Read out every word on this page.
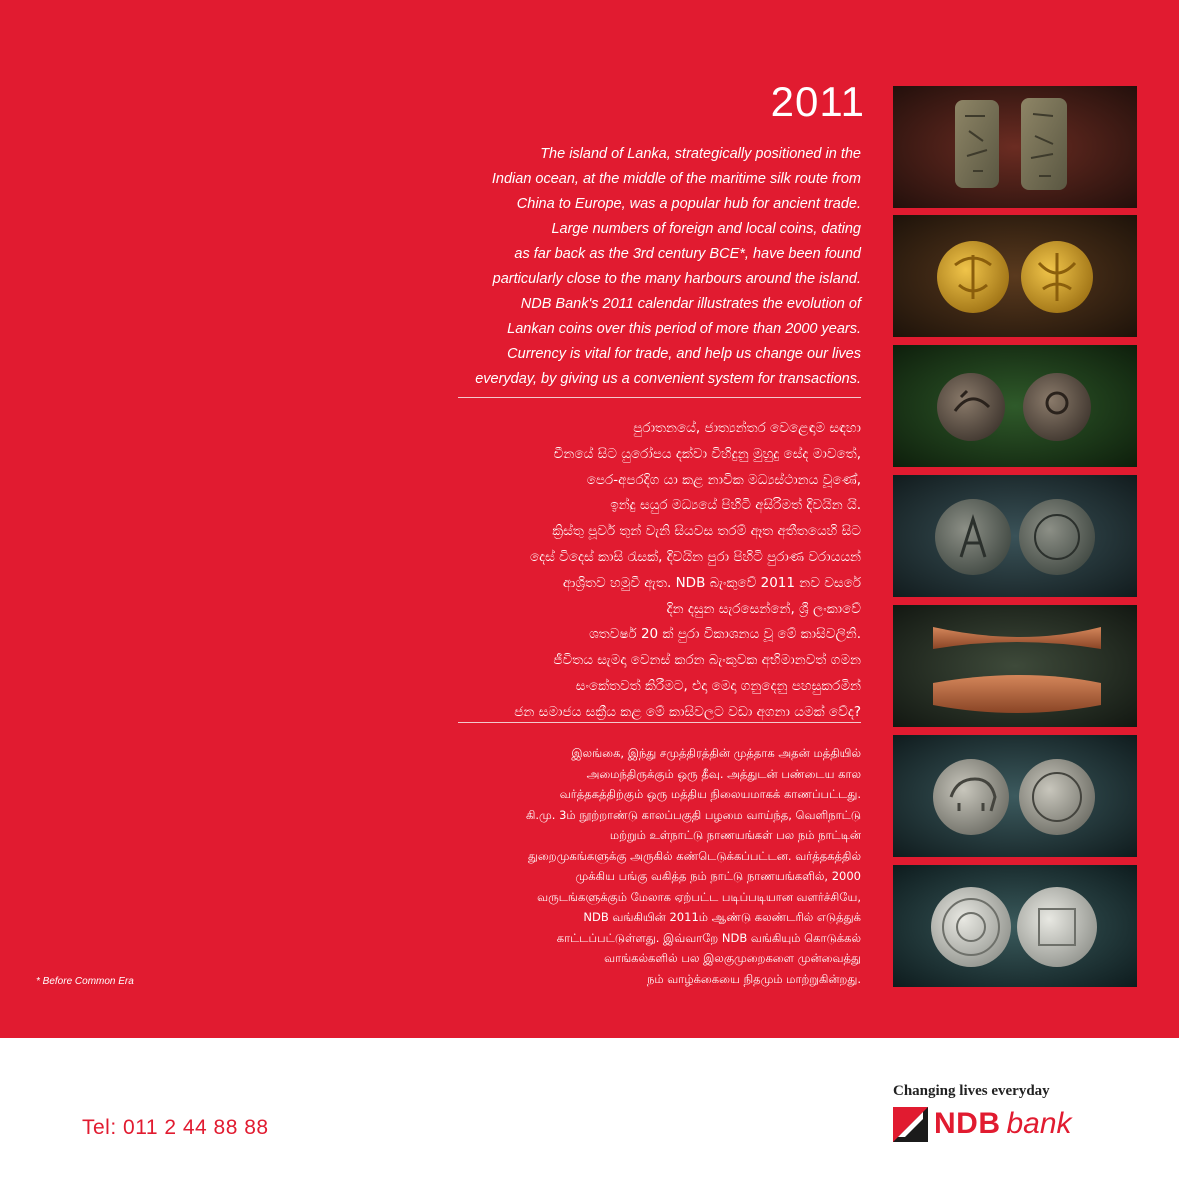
2011
The island of Lanka, strategically positioned in the
Indian ocean, at the middle of the maritime silk route from
China to Europe, was a popular hub for ancient trade.
Large numbers of foreign and local coins, dating
as far back as the 3rd century BCE*, have been found
particularly close to the many harbours around the island.
NDB Bank's 2011 calendar illustrates the evolution of
Lankan coins over this period of more than 2000 years.
Currency is vital for trade, and help us change our lives
everyday, by giving us a convenient system for transactions.
පුරාතනයේ, ජාත්‍යන්තර වෙළෙඳාම සඳහා
චීනයේ සිට යුරෝපය දක්වා විහිදුනු මුහුදු සේද මාවතේ,
පෙර-අපරදිග යා කළ නාවික මධ්‍යස්ථානය වූණේ,
ඉන්දු සයුර මධ්‍යයේ පිහිටි අසිරිමත් දිවයින යි.
ක්‍රිස්තු පූර්ව තුන් වැනි සියවස තරම් ඈත අතීතයෙහි සිට
දෙස් විදෙස් කාසි රැසක්, දිවයින පුරා පිහිටි පුරාණ වරායයන්
ආශ්‍රිතව හමුවී ඇත. NDB බැංකුවේ 2011 නව වසරේ
දින දසුන සැරසෙන්නේ, ශ්‍රී ලංකාවේ
ශතවර්ෂ 20 ක් පුරා විකාශනය වූ මේ කාසිවලිනි.
ජීවිතය සැමදා වෙනස් කරන බැංකුවක අභිමානවත් ගමන
සංකේතවත් කිරීමට, එදා මෙදා ගනුදෙනු පහසුකරමින්
ජන සමාජය සක්‍රීය කළ මේ කාසිවලට වඩා අගනා යමක් වේද?
இலங்கை, இந்து சமுத்திரத்தின் முத்தாக அதன் மத்தியில்
அமைந்திருக்கும் ஒரு தீவு. அத்துடன் பண்டைய கால
வர்த்தகத்திற்கும் ஒரு மத்திய நிலையமாகக் காணப்பட்டது.
கி.மு. 3ம் நூற்றாண்டு காலப்பகுதி பழமை வாய்ந்த, வெளிநாட்டு
மற்றும் உள்நாட்டு நாணயங்கள் பல நம் நாட்டின்
துறைமுகங்களுக்கு அருகில் கண்டெடுக்கப்பட்டன. வர்த்தகத்தில்
முக்கிய பங்கு வகித்த நம் நாட்டு நாணயங்களில், 2000
வருடங்களுக்கும் மேலாக ஏற்பட்ட படிப்படியான வளர்ச்சியே,
NDB வங்கியின் 2011ம் ஆண்டு கலண்டரில் எடுத்துக்
காட்டப்பட்டுள்ளது. இவ்வாறே NDB வங்கியும் கொடுக்கல்
வாங்கல்களில் பல இலகுமுறைகளை முன்வைத்து
நம் வாழ்க்கையை நிதமும் மாற்றுகின்றது.
* Before Common Era
Tel: 011 2 44 88 88
Changing lives everyday
NDB bank
